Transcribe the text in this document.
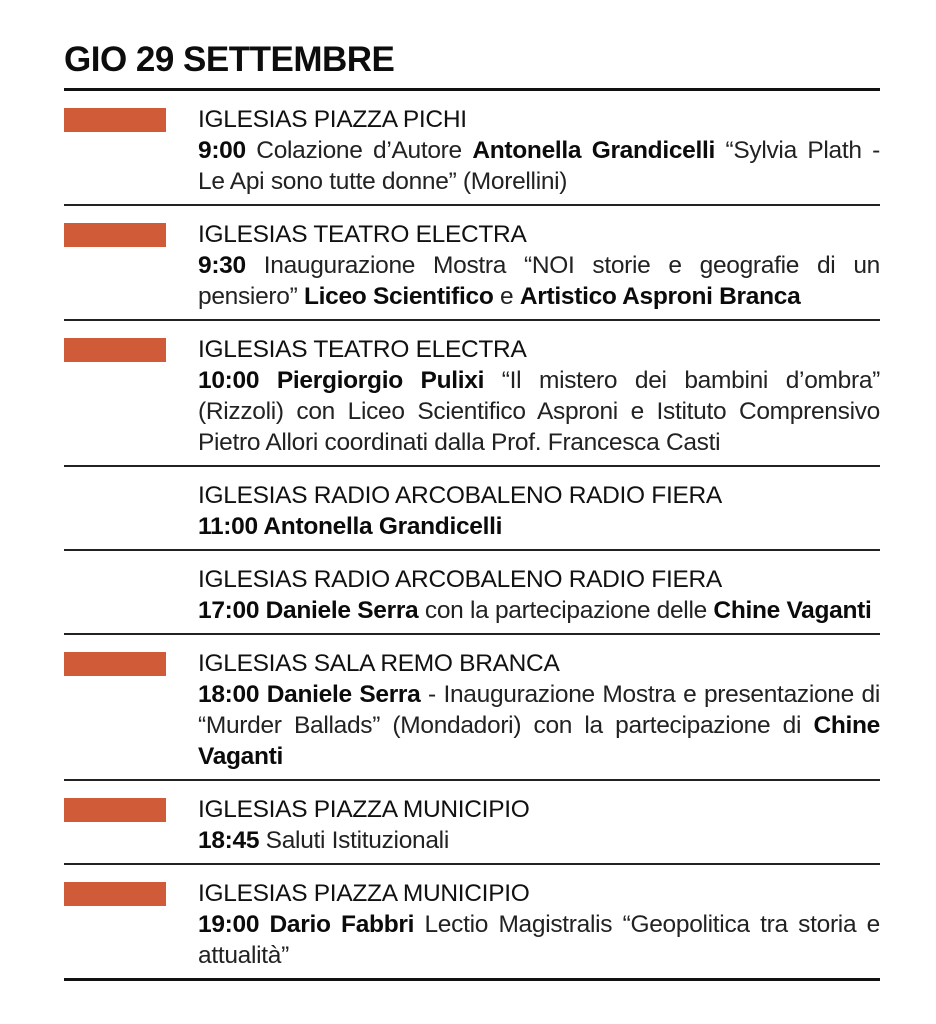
GIO 29 SETTEMBRE
IGLESIAS PIAZZA PICHI
9:00 Colazione d’Autore Antonella Grandicelli “Sylvia Plath - Le Api sono tutte donne” (Morellini)
IGLESIAS TEATRO ELECTRA
9:30 Inaugurazione Mostra “NOI storie e geografie di un pensiero” Liceo Scientifico e Artistico Asproni Branca
IGLESIAS TEATRO ELECTRA
10:00 Piergiorgio Pulixi “Il mistero dei bambini d’ombra” (Rizzoli) con Liceo Scientifico Asproni e Istituto Comprensivo Pietro Allori coordinati dalla Prof. Francesca Casti
IGLESIAS RADIO ARCOBALENO RADIO FIERA
11:00 Antonella Grandicelli
IGLESIAS RADIO ARCOBALENO RADIO FIERA
17:00 Daniele Serra con la partecipazione delle Chine Vaganti
IGLESIAS SALA REMO BRANCA
18:00 Daniele Serra - Inaugurazione Mostra e presentazione di “Murder Ballads” (Mondadori) con la partecipazione di Chine Vaganti
IGLESIAS PIAZZA MUNICIPIO
18:45 Saluti Istituzionali
IGLESIAS PIAZZA MUNICIPIO
19:00 Dario Fabbri Lectio Magistralis “Geopolitica tra storia e attualità”
